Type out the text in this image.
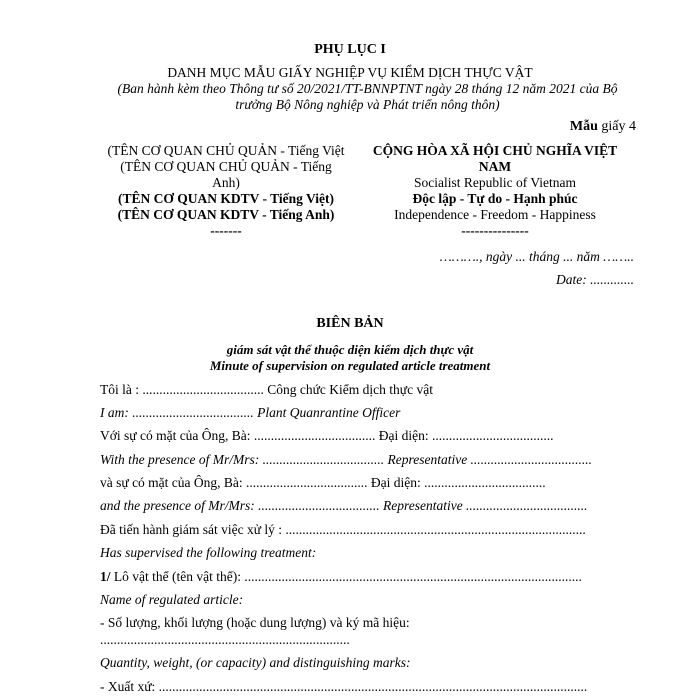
PHỤ LỤC I
DANH MỤC MẪU GIẤY NGHIỆP VỤ KIỂM DỊCH THỰC VẬT
(Ban hành kèm theo Thông tư số 20/2021/TT-BNNPTNT ngày 28 tháng 12 năm 2021 của Bộ
trưởng Bộ Nông nghiệp và Phát triển nông thôn)
Mẫu giấy 4
(TÊN CƠ QUAN CHỦ QUẢN - Tiếng Việt
(TÊN CƠ QUAN CHỦ QUẢN - Tiếng
Anh)
(TÊN CƠ QUAN KDTV - Tiếng Việt)
(TÊN CƠ QUAN KDTV - Tiếng Anh)
-------
CỘNG HÒA XÃ HỘI CHỦ NGHĨA VIỆT
NAM
Socialist Republic of Vietnam
Độc lập - Tự do - Hạnh phúc
Independence - Freedom - Happiness
---------------
………., ngày ... tháng ... năm ……..
Date: .............
BIÊN BẢN
giám sát vật thể thuộc diện kiểm dịch thực vật
Minute of supervision on regulated article treatment
Tôi là : .................................... Công chức Kiểm dịch thực vật
I am: .................................... Plant Quanrantine Officer
Với sự có mặt của Ông, Bà: .................................... Đại diện: ....................................
With the presence of Mr/Mrs: .................................... Representative ....................................
và sự có mặt của Ông, Bà: .................................... Đại diện: ....................................
and the presence of Mr/Mrs: .................................... Representative ....................................
Đã tiến hành giám sát việc xử lý : .........................................................................................
Has supervised the following treatment:
1/ Lô vật thể (tên vật thể): ....................................................................................................
Name of regulated article:
- Số lượng, khối lượng (hoặc dung lượng) và ký mã hiệu:
..........................................................................
Quantity, weight, (or capacity) and distinguishing marks:
- Xuất xứ: ...............................................................................................................................
